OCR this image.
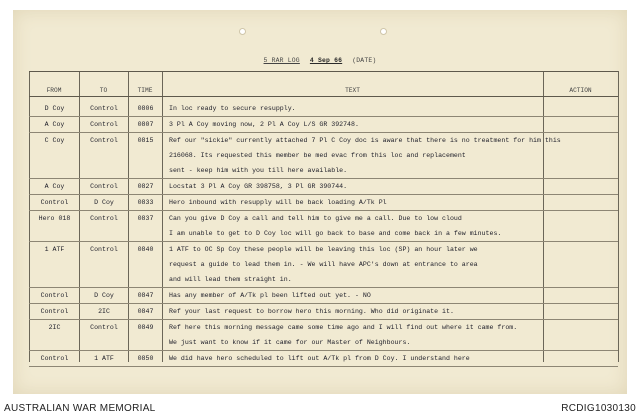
5 RAR LOG 4 Sep 66 (DATE)
FROM	TO	TIME	TEXT	ACTION
D Coy	Control	0806	In loc ready to secure resupply.
A Coy	Control	0807	3 Pl A Coy moving now, 2 Pl A Coy L/S GR 392748.
C Coy	Control	0815	Ref our "sickie" currently attached 7 Pl C Coy doc is aware that there is no treatment for him this
216068. Its requested this member be med evac from this loc and replacement
sent - keep him with you till here available.
A Coy	Control	0827	Locstat 3 Pl A Coy GR 398758, 3 Pl GR 390744.
Control	D Coy	0833	Hero inbound with resupply will be back loading A/Tk Pl
Hero 018	Control	0837	Can you give D Coy a call and tell him to give me a call. Due to low cloud
I am unable to get to D Coy loc will go back to base and come back in a few minutes.
1 ATF	Control	0840	1 ATF to OC Sp Coy these people will be leaving this loc (SP) an hour later we
request a guide to lead them in. - We will have APC's down at entrance to area
and will lead them straight in.
Control	D Coy	0847	Has any member of A/Tk pl been lifted out yet. - NO
Control	2IC	0847	Ref your last request to borrow hero this morning. Who did originate it.
2IC	Control	0849	Ref here this morning message came some time ago and I will find out where it came from.
We just want to know if it came for our Master of Neighbours.
Control	1 ATF	0850	We did have hero scheduled to lift out A/Tk pl from D Coy. I understand here
AUSTRALIAN WAR MEMORIAL	RCDIG1030130
